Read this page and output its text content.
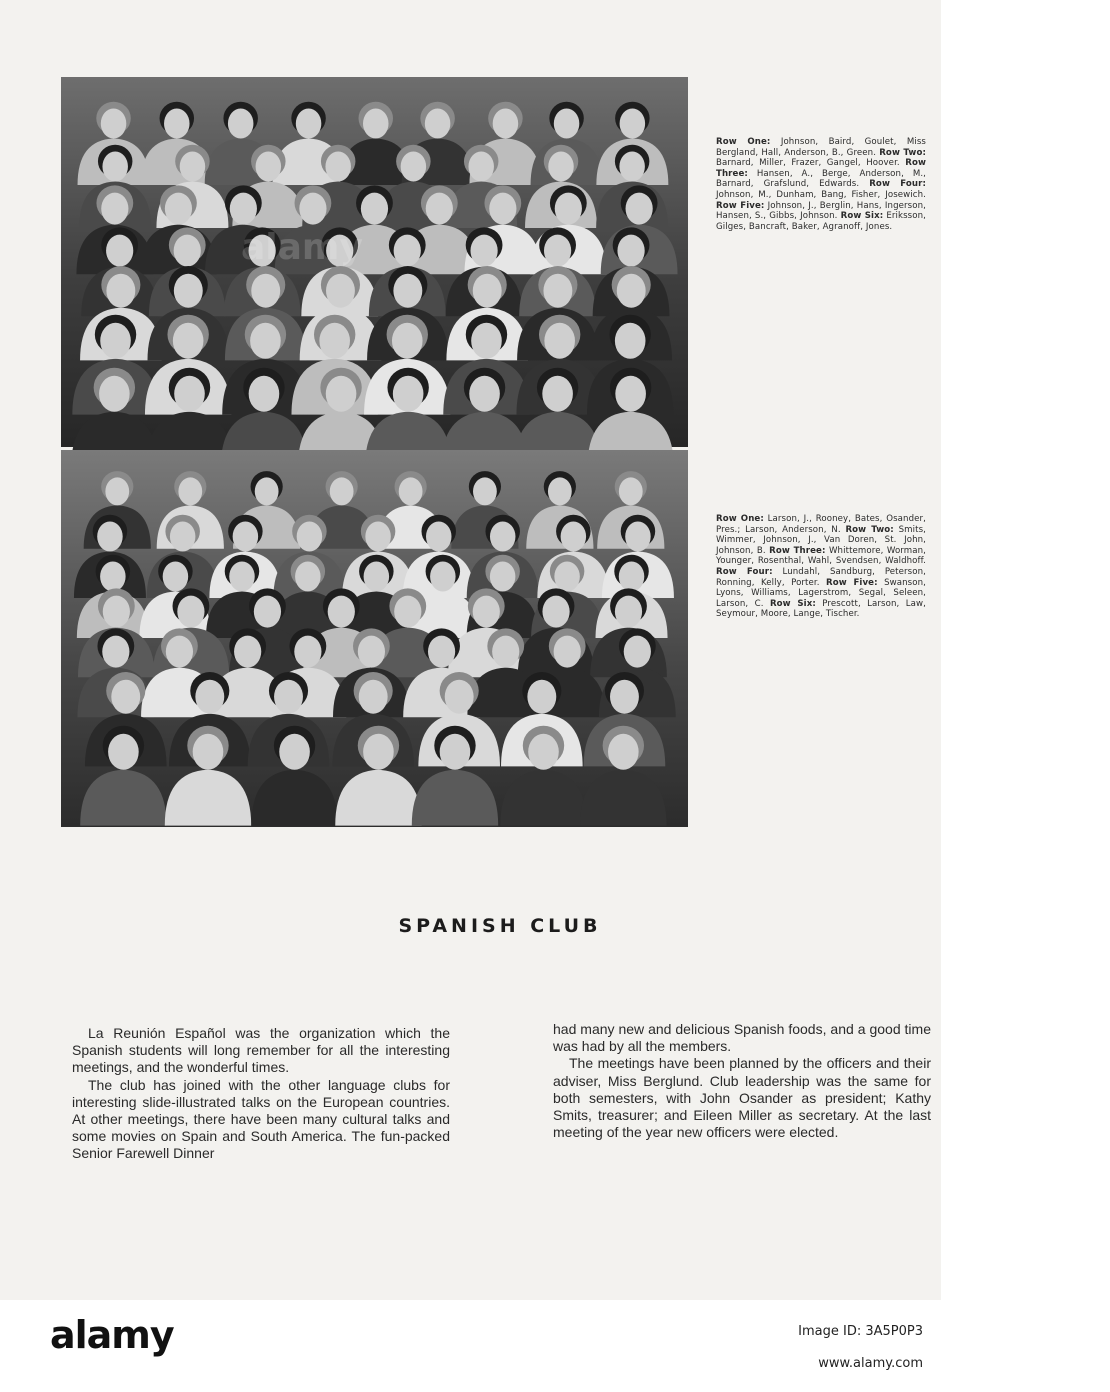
alamy
Row One: Johnson, Baird, Goulet, Miss Bergland, Hall, Anderson, B., Green. Row Two: Barnard, Miller, Frazer, Gangel, Hoover. Row Three: Hansen, A., Berge, Anderson, M., Barnard, Grafslund, Edwards. Row Four: Johnson, M., Dunham, Bang, Fisher, Josewich. Row Five: Johnson, J., Berglin, Hans, Ingerson, Hansen, S., Gibbs, Johnson. Row Six: Eriksson, Gilges, Bancraft, Baker, Agranoff, Jones.
Row One: Larson, J., Rooney, Bates, Osander, Pres.; Larson, Anderson, N. Row Two: Smits, Wimmer, Johnson, J., Van Doren, St. John, Johnson, B. Row Three: Whittemore, Worman, Younger, Rosenthal, Wahl, Svendsen, Waldhoff. Row Four: Lundahl, Sandburg, Peterson, Ronning, Kelly, Porter. Row Five: Swanson, Lyons, Williams, Lagerstrom, Segal, Seleen, Larson, C. Row Six: Prescott, Larson, Law, Seymour, Moore, Lange, Tischer.
SPANISH CLUB

La Reunión Español was the organization which the Spanish students will long remember for all the interesting meetings, and the wonderful times.

The club has joined with the other language clubs for interesting slide-illustrated talks on the European countries. At other meetings, there have been many cultural talks and some movies on Spain and South America. The fun-packed Senior Farewell Dinner

had many new and delicious Spanish foods, and a good time was had by all the members.

The meetings have been planned by the officers and their adviser, Miss Berglund. Club leadership was the same for both semesters, with John Osander as president; Kathy Smits, treasurer; and Eileen Miller as secretary. At the last meeting of the year new officers were elected.

alamy	Image ID: 3A5P0P3
www.alamy.com
